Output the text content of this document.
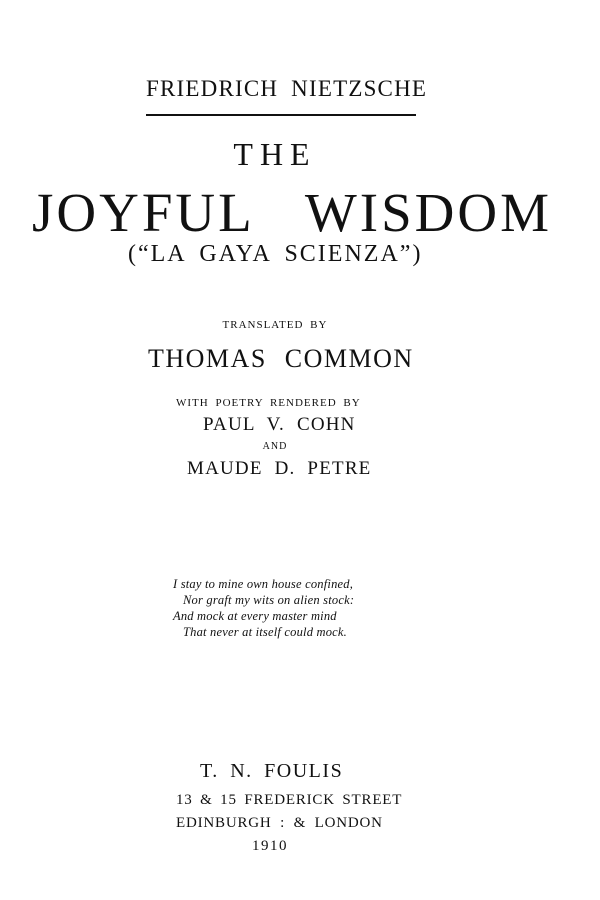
FRIEDRICH NIETZSCHE

THE

JOYFUL WISDOM

(“LA GAYA SCIENZA”)

TRANSLATED BY

THOMAS COMMON

WITH POETRY RENDERED BY

PAUL V. COHN

AND

MAUDE D. PETRE

I stay to mine own house confined,

Nor graft my wits on alien stock:

And mock at every master mind

That never at itself could mock.

T. N. FOULIS

13 & 15 FREDERICK STREET

EDINBURGH : & LONDON

1910
